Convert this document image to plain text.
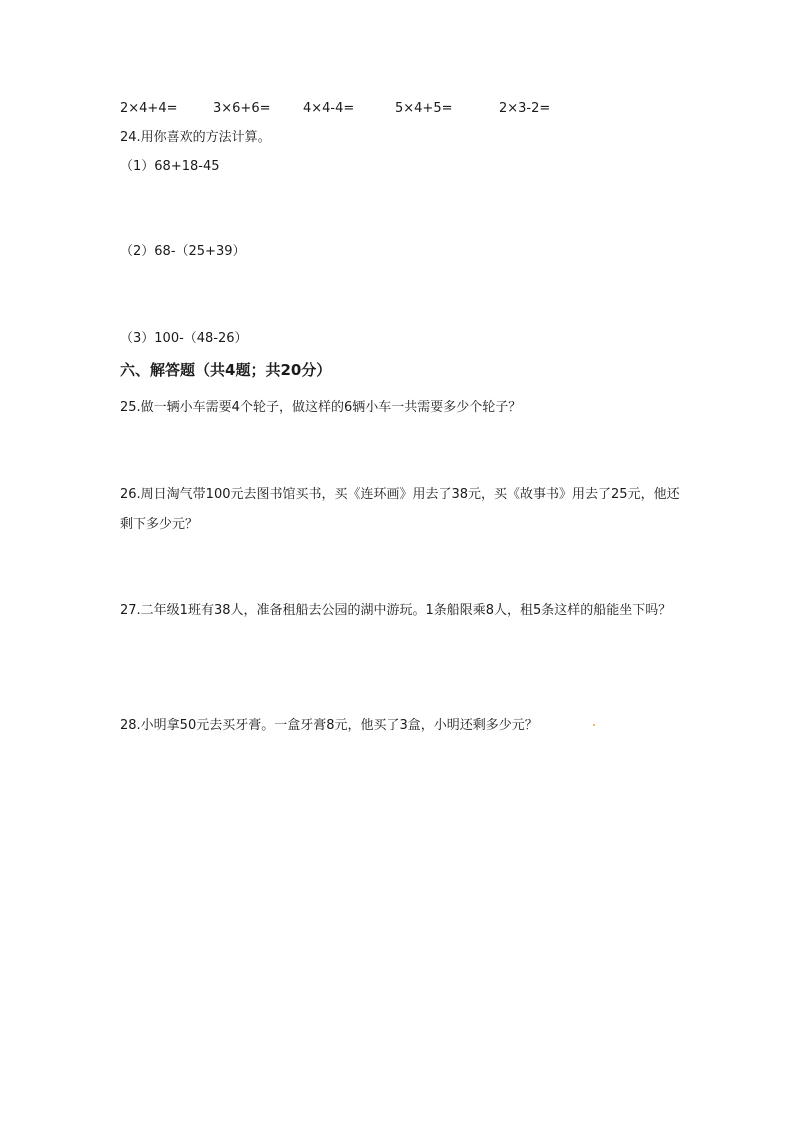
2×4+4=	3×6+6=	4×4-4=	5×4+5=	2×3-2=
24.用你喜欢的方法计算。
（1）68+18-45
（2）68-（25+39）
（3）100-（48-26）
六、解答题（共4题；共20分）
25.做一辆小车需要4个轮子，做这样的6辆小车一共需要多少个轮子？
26.周日淘气带100元去图书馆买书，买《连环画》用去了38元，买《故事书》用去了25元，他还剩下多少元？
27.二年级1班有38人，准备租船去公园的湖中游玩。1条船限乘8人，租5条这样的船能坐下吗？
28.小明拿50元去买牙膏。一盒牙膏8元，他买了3盒，小明还剩多少元？
